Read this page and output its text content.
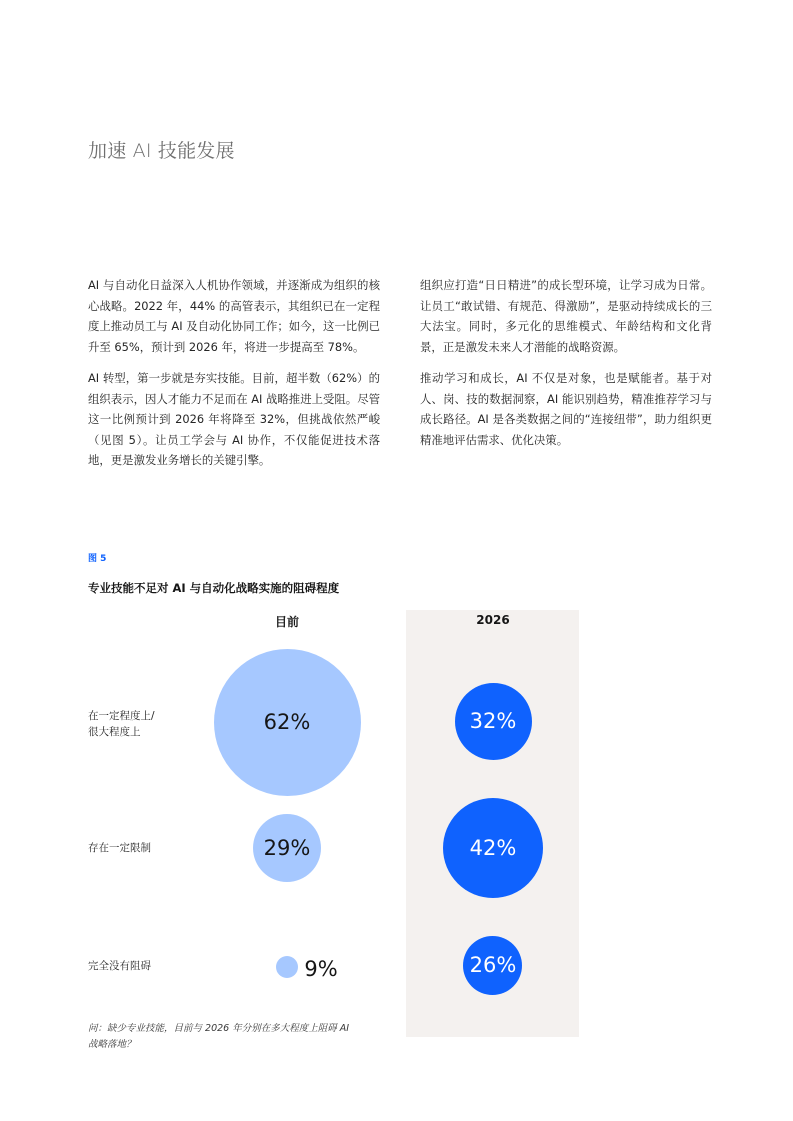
加速 AI 技能发展

AI 与自动化日益深入人机协作领域，并逐渐成为组织的核心战略。2022 年，44% 的高管表示，其组织已在一定程度上推动员工与 AI 及自动化协同工作；如今，这一比例已升至 65%，预计到 2026 年，将进一步提高至 78%。

AI 转型，第一步就是夯实技能。目前，超半数（62%）的组织表示，因人才能力不足而在 AI 战略推进上受阻。尽管这一比例预计到 2026 年将降至 32%，但挑战依然严峻（见图 5）。让员工学会与 AI 协作，不仅能促进技术落地，更是激发业务增长的关键引擎。

组织应打造“日日精进”的成长型环境，让学习成为日常。让员工“敢试错、有规范、得激励”，是驱动持续成长的三大法宝。同时，多元化的思维模式、年龄结构和文化背景，正是激发未来人才潜能的战略资源。

推动学习和成长，AI 不仅是对象，也是赋能者。基于对人、岗、技的数据洞察，AI 能识别趋势，精准推荐学习与成长路径。AI 是各类数据之间的“连接纽带”，助力组织更精准地评估需求、优化决策。

图 5
专业技能不足对 AI 与自动化战略实施的阻碍程度
目前	2026
在一定程度上/
很大程度上	62%	32%
存在一定限制	29%	42%
完全没有阻碍	9%	26%
问：缺少专业技能，目前与 2026 年分别在多大程度上阻碍 AI 战略落地？
